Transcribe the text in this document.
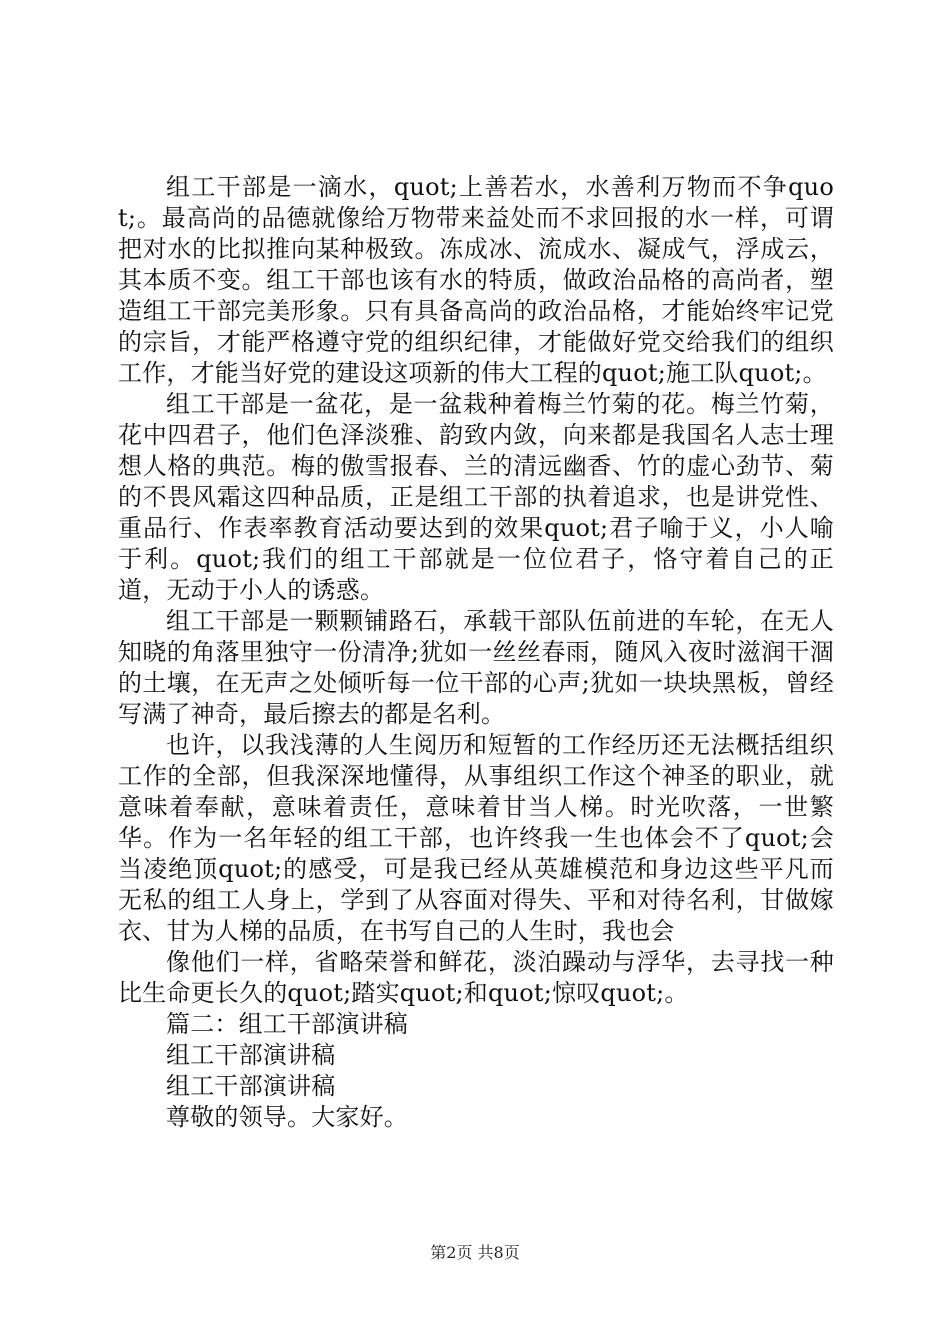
组工干部是一滴水，quot;上善若水，水善利万物而不争quot;。最高尚的品德就像给万物带来益处而不求回报的水一样，可谓把对水的比拟推向某种极致。冻成冰、流成水、凝成气，浮成云，其本质不变。组工干部也该有水的特质，做政治品格的高尚者，塑造组工干部完美形象。只有具备高尚的政治品格，才能始终牢记党的宗旨，才能严格遵守党的组织纪律，才能做好党交给我们的组织工作，才能当好党的建设这项新的伟大工程的quot;施工队quot;。

组工干部是一盆花，是一盆栽种着梅兰竹菊的花。梅兰竹菊，花中四君子，他们色泽淡雅、韵致内敛，向来都是我国名人志士理想人格的典范。梅的傲雪报春、兰的清远幽香、竹的虚心劲节、菊的不畏风霜这四种品质，正是组工干部的执着追求，也是讲党性、重品行、作表率教育活动要达到的效果quot;君子喻于义，小人喻于利。quot;我们的组工干部就是一位位君子，恪守着自己的正道，无动于小人的诱惑。

组工干部是一颗颗铺路石，承载干部队伍前进的车轮，在无人知晓的角落里独守一份清净;犹如一丝丝春雨，随风入夜时滋润干涸的土壤，在无声之处倾听每一位干部的心声;犹如一块块黑板，曾经写满了神奇，最后擦去的都是名利。

也许，以我浅薄的人生阅历和短暂的工作经历还无法概括组织工作的全部，但我深深地懂得，从事组织工作这个神圣的职业，就意味着奉献，意味着责任，意味着甘当人梯。时光吹落，一世繁华。作为一名年轻的组工干部，也许终我一生也体会不了quot;会当凌绝顶quot;的感受，可是我已经从英雄模范和身边这些平凡而无私的组工人身上，学到了从容面对得失、平和对待名利，甘做嫁衣、甘为人梯的品质，在书写自己的人生时，我也会

像他们一样，省略荣誉和鲜花，淡泊躁动与浮华，去寻找一种比生命更长久的quot;踏实quot;和quot;惊叹quot;。

篇二：组工干部演讲稿

组工干部演讲稿

组工干部演讲稿

尊敬的领导。大家好。

第2页 共8页
